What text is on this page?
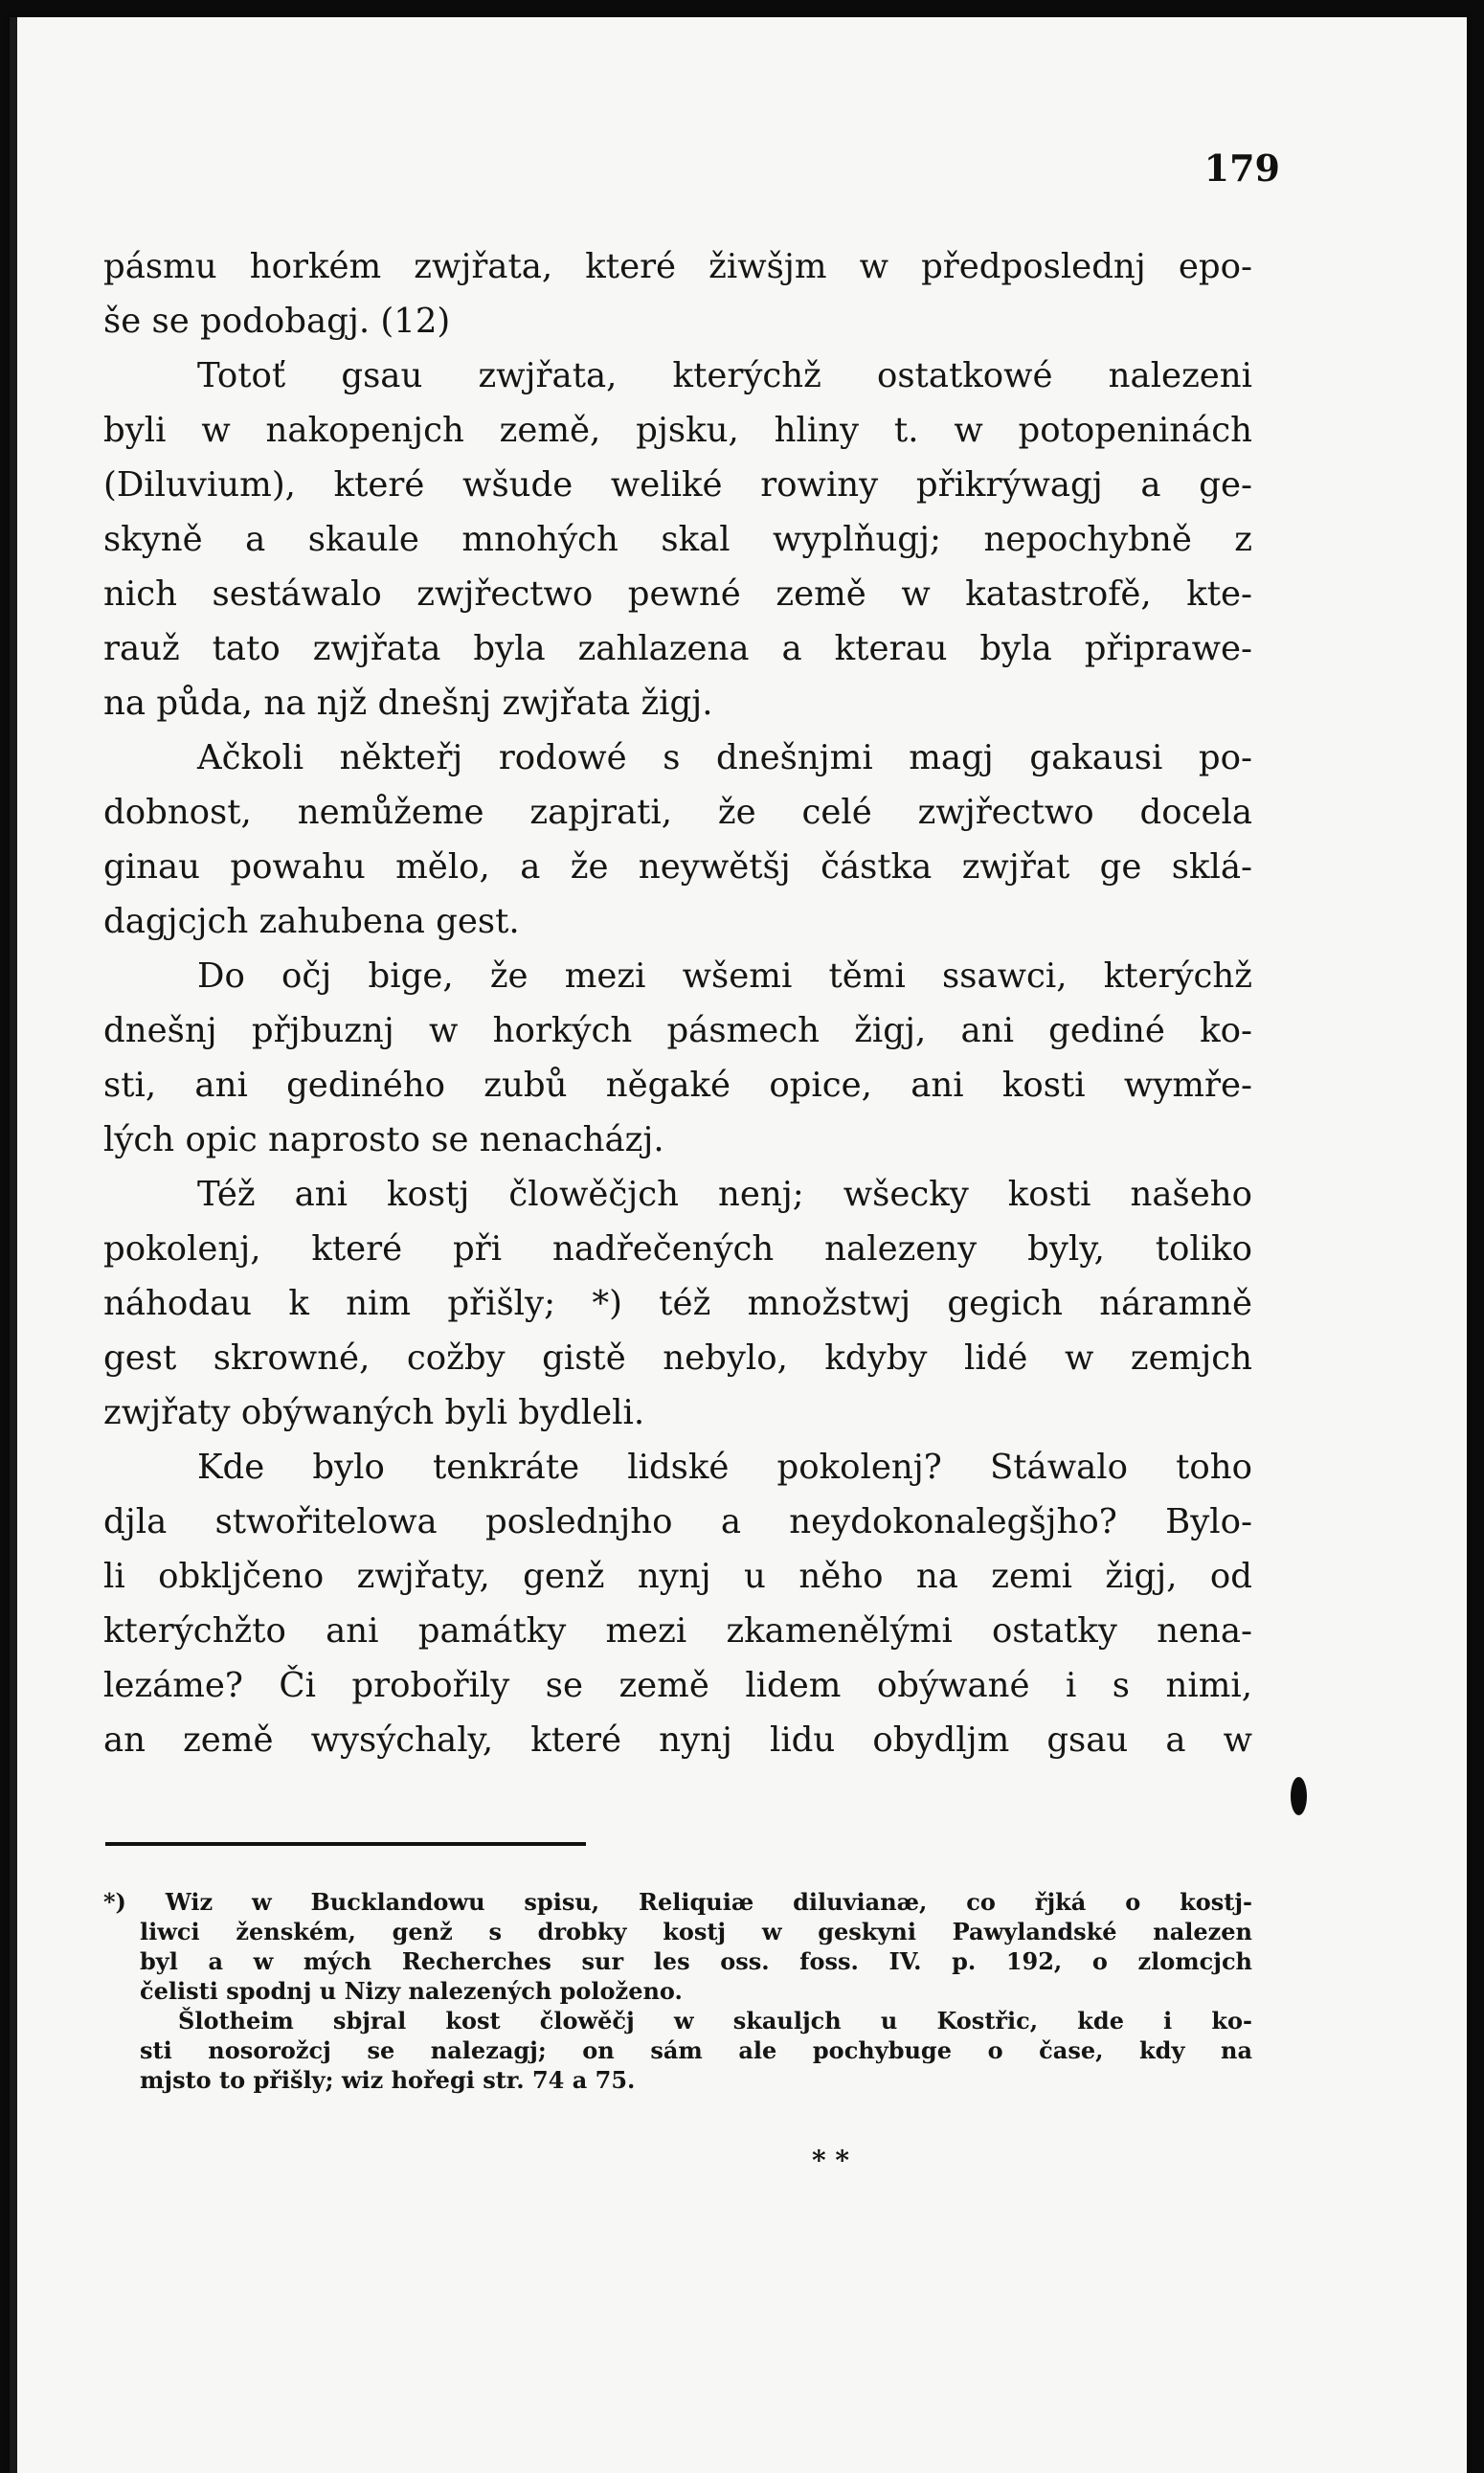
179
pásmu horkém zwjřata, které žiwšjm w předposlednj epo-
še se podobagj. (12)
Totoť gsau zwjřata, kterýchž ostatkowé nalezeni
byli w nakopenjch země, pjsku, hliny t. w potopeninách
(Diluvium), které wšude weliké rowiny přikrýwagj a ge-
skyně a skaule mnohých skal wyplňugj; nepochybně z
nich sestáwalo zwjřectwo pewné země w katastrofě, kte-
rauž tato zwjřata byla zahlazena a kterau byla připrawe-
na půda, na njž dnešnj zwjřata žigj.
Ačkoli někteřj rodowé s dnešnjmi magj gakausi po-
dobnost, nemůžeme zapjrati, že celé zwjřectwo docela
ginau powahu mělo, a že neywětšj částka zwjřat ge sklá-
dagjcjch zahubena gest.
Do očj bige, že mezi wšemi těmi ssawci, kterýchž
dnešnj přjbuznj w horkých pásmech žigj, ani gediné ko-
sti, ani gediného zubů něgaké opice, ani kosti wymře-
lých opic naprosto se nenacházj.
Též ani kostj člowěčjch nenj; wšecky kosti našeho
pokolenj, které při nadřečených nalezeny byly, toliko
náhodau k nim přišly; *) též množstwj gegich náramně
gest skrowné, cožby gistě nebylo, kdyby lidé w zemjch
zwjřaty obýwaných byli bydleli.
Kde bylo tenkráte lidské pokolenj? Stáwalo toho
djla stwořitelowa poslednjho a neydokonalegšjho? Bylo-
li obkljčeno zwjřaty, genž nynj u něho na zemi žigj, od
kterýchžto ani památky mezi zkamenělými ostatky nena-
lezáme? Či probořily se země lidem obýwané i s nimi,
an země wysýchaly, které nynj lidu obydljm gsau a w
*) Wiz w Bucklandowu spisu, Reliquiæ diluvianæ, co řjká o kostj-
liwci ženském, genž s drobky kostj w geskyni Pawylandské nalezen
byl a w mých Recherches sur les oss. foss. IV. p. 192, o zlomcjch
čelisti spodnj u Nizy nalezených položeno.
Šlotheim sbjral kost člowěčj w skauljch u Kostřic, kde i ko-
sti nosorožcj se nalezagj; on sám ale pochybuge o čase, kdy na
mjsto to přišly; wiz hořegi str. 74 a 75.
* *
